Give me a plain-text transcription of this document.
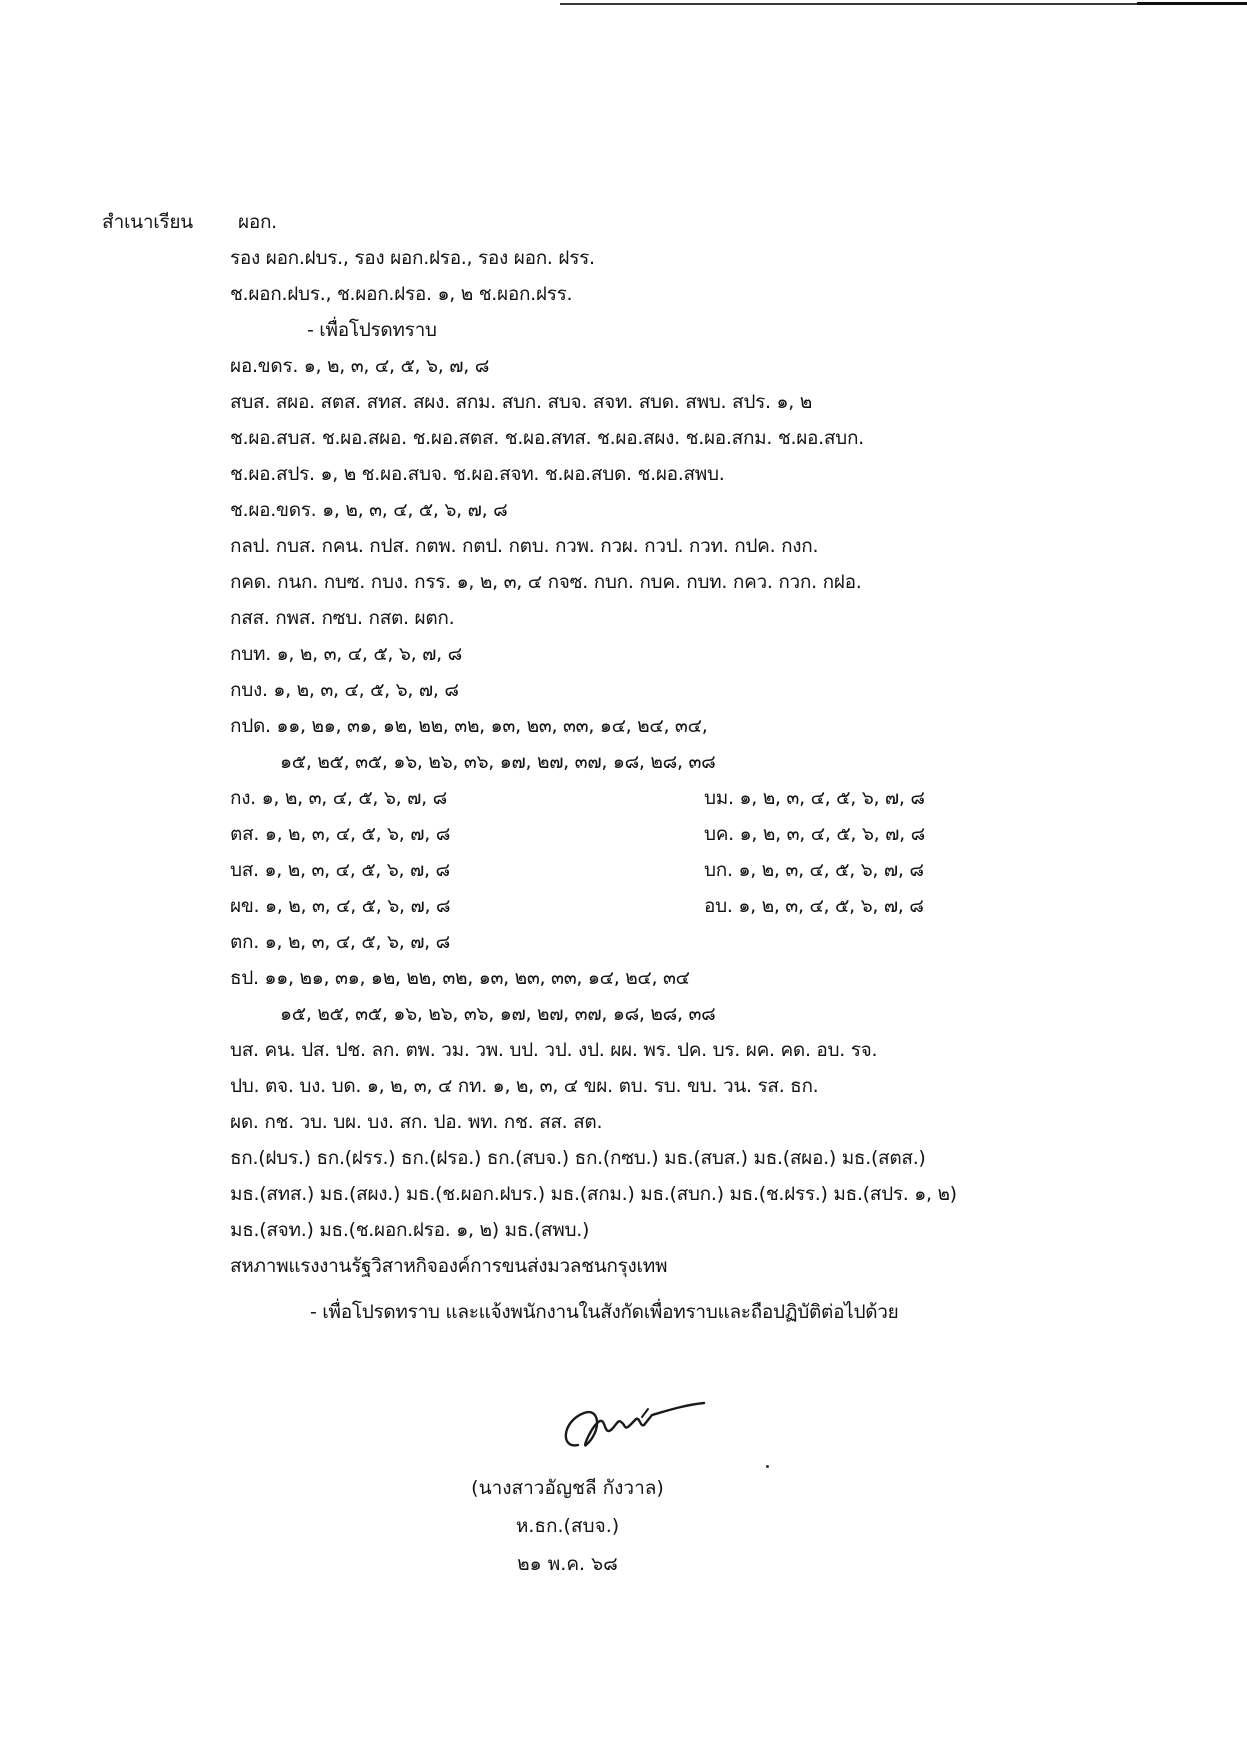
สำเนาเรียน ผอก.
รอง ผอก.ฝบร., รอง ผอก.ฝรอ., รอง ผอก. ฝรร.
ช.ผอก.ฝบร., ช.ผอก.ฝรอ. ๑, ๒ ช.ผอก.ฝรร.
- เพื่อโปรดทราบ
ผอ.ขดร. ๑, ๒, ๓, ๔, ๕, ๖, ๗, ๘
สบส. สผอ. สตส. สทส. สผง. สกม. สบก. สบจ. สจท. สบด. สพบ. สปร. ๑, ๒
ช.ผอ.สบส. ช.ผอ.สผอ. ช.ผอ.สตส. ช.ผอ.สทส. ช.ผอ.สผง. ช.ผอ.สกม. ช.ผอ.สบก.
ช.ผอ.สปร. ๑, ๒ ช.ผอ.สบจ. ช.ผอ.สจท. ช.ผอ.สบด. ช.ผอ.สพบ.
ช.ผอ.ขดร. ๑, ๒, ๓, ๔, ๕, ๖, ๗, ๘
กลป. กบส. กคน. กปส. กตพ. กตป. กตบ. กวพ. กวผ. กวป. กวท. กปค. กงก.
กคด. กนก. กบซ. กบง. กรร. ๑, ๒, ๓, ๔ กจซ. กบก. กบค. กบท. กคว. กวก. กฝอ.
กสส. กพส. กซบ. กสต. ผตก.
กบท. ๑, ๒, ๓, ๔, ๕, ๖, ๗, ๘
กบง. ๑, ๒, ๓, ๔, ๕, ๖, ๗, ๘
กปด. ๑๑, ๒๑, ๓๑, ๑๒, ๒๒, ๓๒, ๑๓, ๒๓, ๓๓, ๑๔, ๒๔, ๓๔,
๑๕, ๒๕, ๓๕, ๑๖, ๒๖, ๓๖, ๑๗, ๒๗, ๓๗, ๑๘, ๒๘, ๓๘
กง. ๑, ๒, ๓, ๔, ๕, ๖, ๗, ๘	บม. ๑, ๒, ๓, ๔, ๕, ๖, ๗, ๘
ตส. ๑, ๒, ๓, ๔, ๕, ๖, ๗, ๘	บค. ๑, ๒, ๓, ๔, ๕, ๖, ๗, ๘
บส. ๑, ๒, ๓, ๔, ๕, ๖, ๗, ๘	บก. ๑, ๒, ๓, ๔, ๕, ๖, ๗, ๘
ผข. ๑, ๒, ๓, ๔, ๕, ๖, ๗, ๘	อบ. ๑, ๒, ๓, ๔, ๕, ๖, ๗, ๘
ตก. ๑, ๒, ๓, ๔, ๕, ๖, ๗, ๘
ธป. ๑๑, ๒๑, ๓๑, ๑๒, ๒๒, ๓๒, ๑๓, ๒๓, ๓๓, ๑๔, ๒๔, ๓๔
๑๕, ๒๕, ๓๕, ๑๖, ๒๖, ๓๖, ๑๗, ๒๗, ๓๗, ๑๘, ๒๘, ๓๘
บส. คน. ปส. ปช. ลก. ตพ. วม. วพ. บป. วป. งป. ผผ. พร. ปค. บร. ผค. คด. อบ. รจ.
ปบ. ตจ. บง. บด. ๑, ๒, ๓, ๔ กท. ๑, ๒, ๓, ๔ ขผ. ตบ. รบ. ขบ. วน. รส. ธก.
ผด. กช. วบ. บผ. บง. สก. ปอ. พท. กช. สส. สต.
ธก.(ฝบร.) ธก.(ฝรร.) ธก.(ฝรอ.) ธก.(สบจ.) ธก.(กซบ.) มธ.(สบส.) มธ.(สผอ.) มธ.(สตส.)
มธ.(สทส.) มธ.(สผง.) มธ.(ช.ผอก.ฝบร.) มธ.(สกม.) มธ.(สบก.) มธ.(ช.ฝรร.) มธ.(สปร. ๑, ๒)
มธ.(สจท.) มธ.(ช.ผอก.ฝรอ. ๑, ๒) มธ.(สพบ.)
สหภาพแรงงานรัฐวิสาหกิจองค์การขนส่งมวลชนกรุงเทพ
- เพื่อโปรดทราบ และแจ้งพนักงานในสังกัดเพื่อทราบและถือปฏิบัติต่อไปด้วย
(นางสาวอัญชลี กังวาล)
ห.ธก.(สบจ.)
๒๑ พ.ค. ๖๘
